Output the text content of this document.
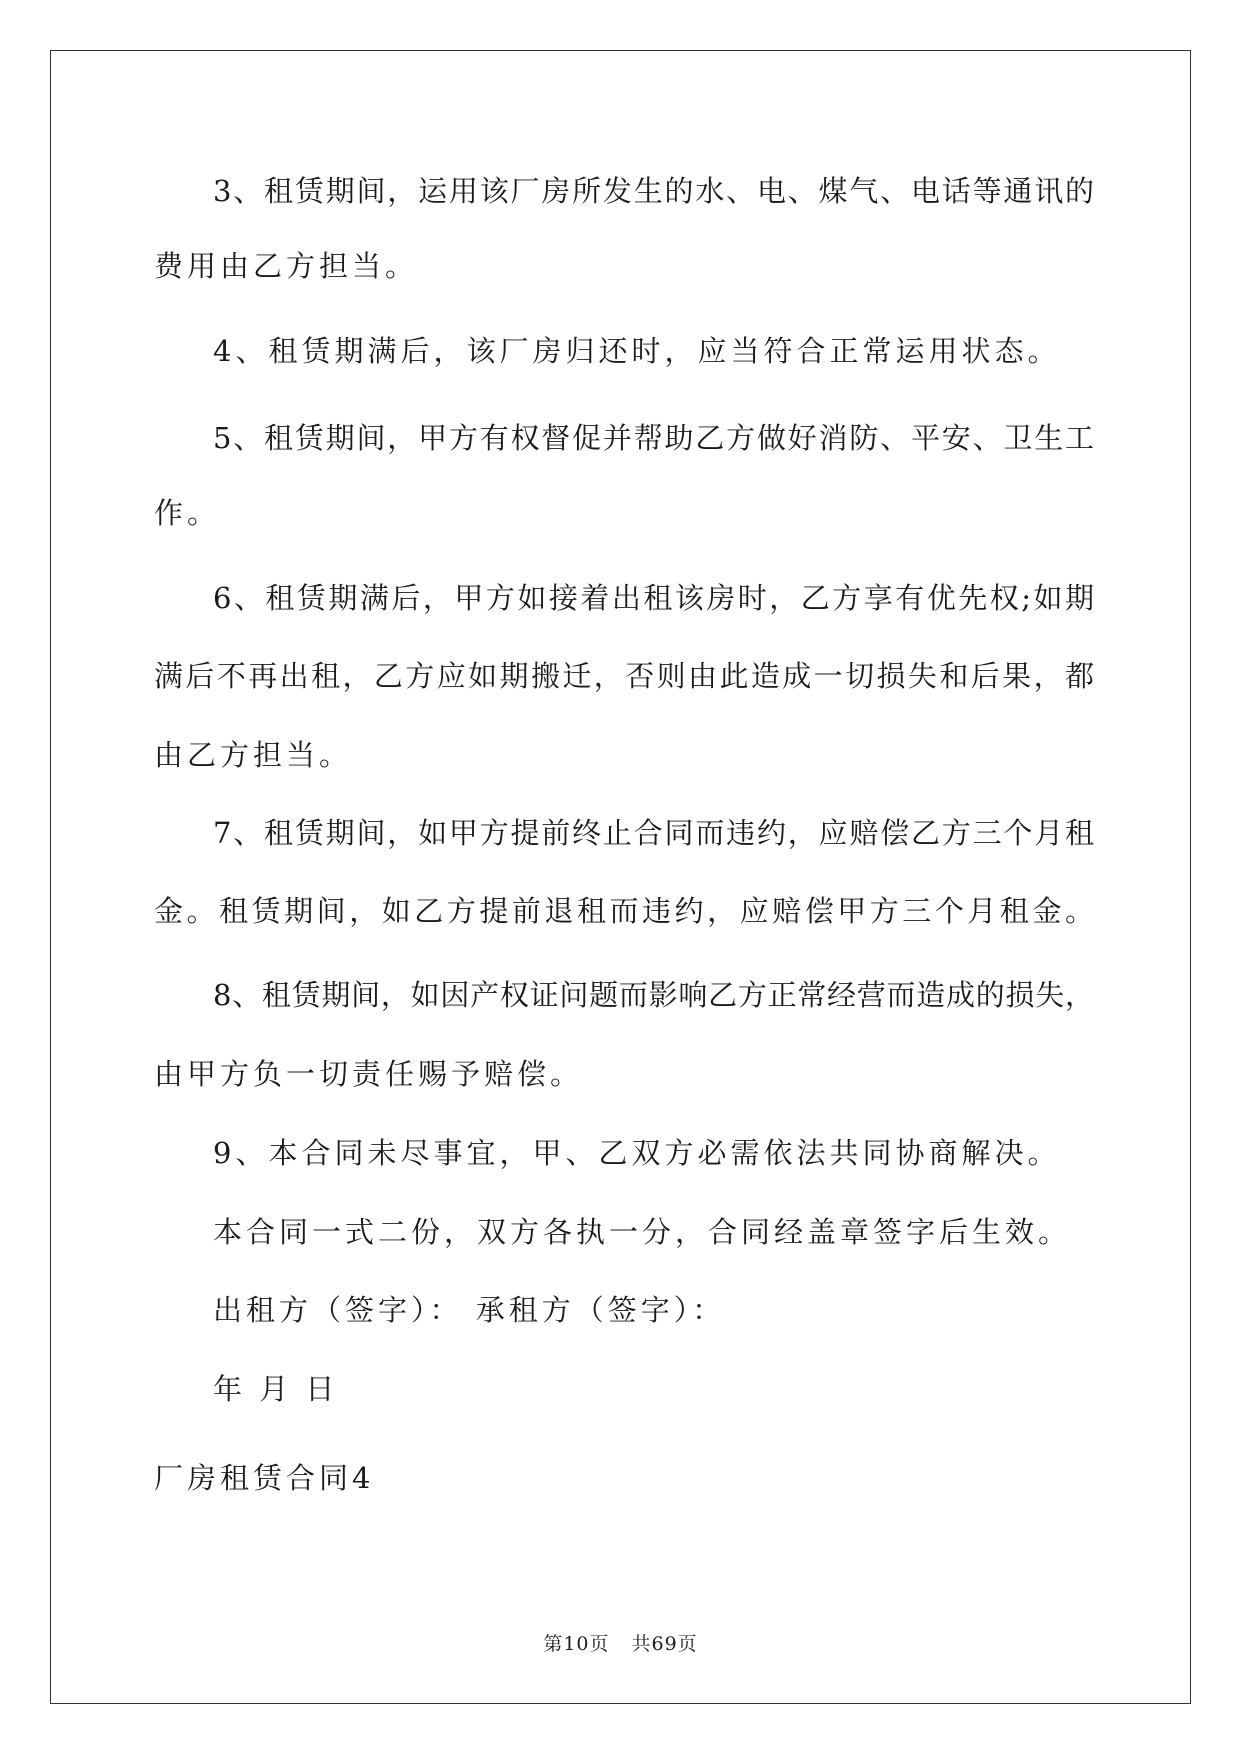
3、租赁期间，运用该厂房所发生的水、电、煤气、电话等通讯的
费用由乙方担当。
4、租赁期满后，该厂房归还时，应当符合正常运用状态。
5、租赁期间，甲方有权督促并帮助乙方做好消防、平安、卫生工
作。
6、租赁期满后，甲方如接着出租该房时，乙方享有优先权;如期
满后不再出租，乙方应如期搬迁，否则由此造成一切损失和后果，都
由乙方担当。
7、租赁期间，如甲方提前终止合同而违约，应赔偿乙方三个月租
金。租赁期间，如乙方提前退租而违约，应赔偿甲方三个月租金。
8、租赁期间，如因产权证问题而影响乙方正常经营而造成的损失，
由甲方负一切责任赐予赔偿。
9、本合同未尽事宜，甲、乙双方必需依法共同协商解决。
本合同一式二份，双方各执一分，合同经盖章签字后生效。
出租方（签字）： 承租方（签字）：
年 月 日
厂房租赁合同4
第10页 共69页
